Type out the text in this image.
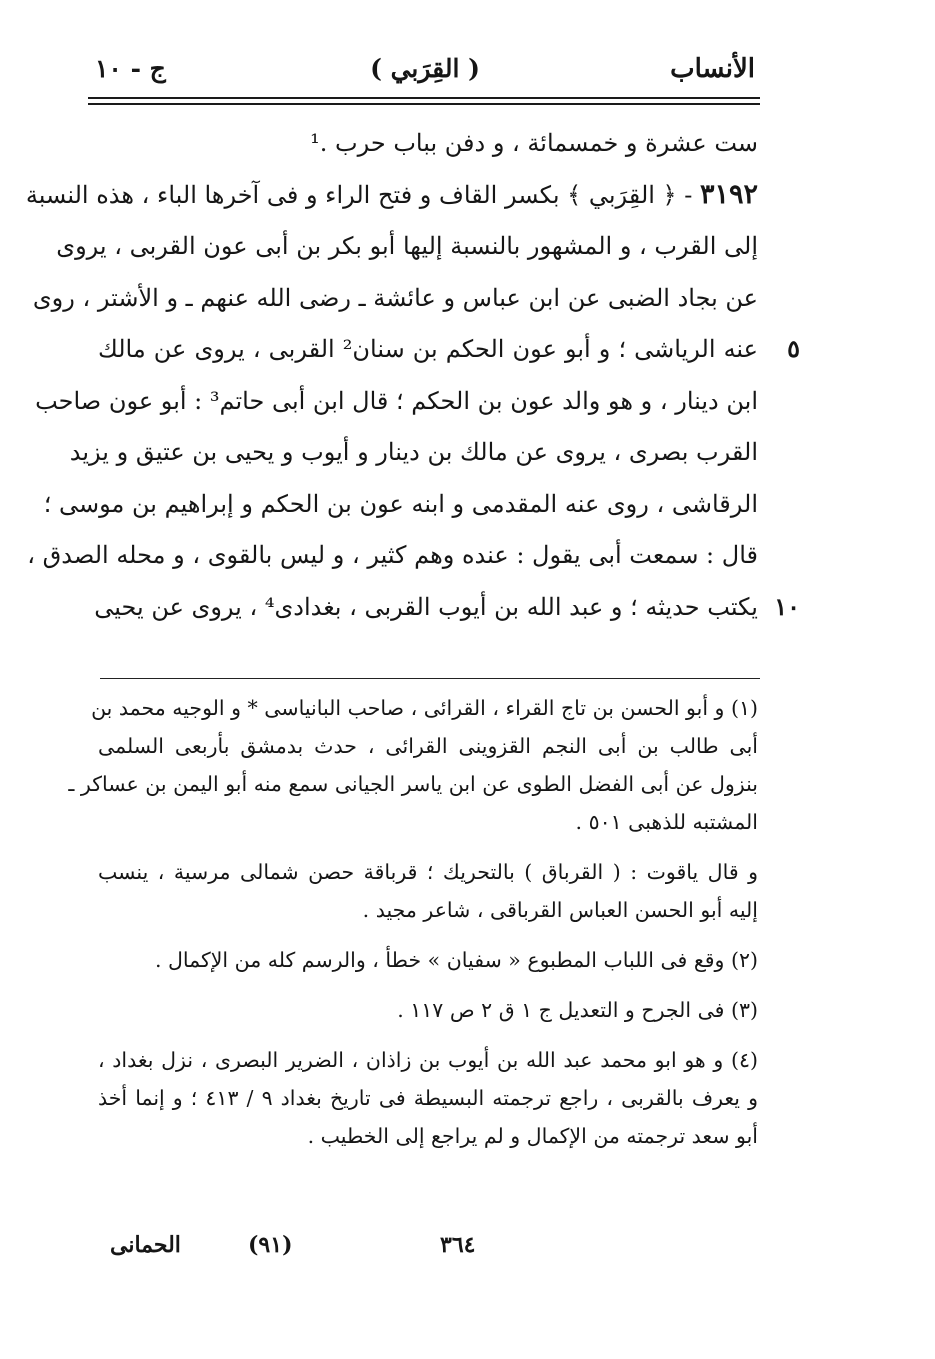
الأنساب
( القِرَبي )
ج - ١٠
ست عشرة و خمسمائة ، و دفن بباب حرب .¹
٣١٩٢ - ﴿ القِرَبي ﴾ بكسر القاف و فتح الراء و فى آخرها الباء ، هذه النسبة
إلى القرب ، و المشهور بالنسبة إليها أبو بكر بن أبى عون القربى ، يروى
عن بجاد الضبى عن ابن عباس و عائشة ـ رضى الله عنهم ـ و الأشتر ، روى
٥
عنه الرياشى ؛ و أبو عون الحكم بن سنان² القربى ، يروى عن مالك
ابن دينار ، و هو والد عون بن الحكم ؛ قال ابن أبى حاتم³ : أبو عون صاحب
القرب بصرى ، يروى عن مالك بن دينار و أيوب و يحيى بن عتيق و يزيد
الرقاشى ، روى عنه المقدمى و ابنه عون بن الحكم و إبراهيم بن موسى ؛
قال : سمعت أبى يقول : عنده وهم كثير ، و ليس بالقوى ، و محله الصدق ،
١٠
يكتب حديثه ؛ و عبد الله بن أيوب القربى ، بغدادى⁴ ، يروى عن يحيى
(١) و أبو الحسن بن تاج القراء ، القرائى ، صاحب البانياسى * و الوجيه محمد بن
أبى طالب بن أبى النجم القزوينى القرائى ، حدث بدمشق بأربعى السلمى
بنزول عن أبى الفضل الطوى عن ابن ياسر الجيانى سمع منه أبو اليمن بن عساكر ـ
المشتبه للذهبى ٥٠١ .
و قال ياقوت : ( القرباق ) بالتحريك ؛ قرباقة حصن شمالى مرسية ، ينسب
إليه أبو الحسن العباس القرباقى ، شاعر مجيد .
(٢) وقع فى اللباب المطبوع « سفيان » خطأ ، والرسم كله من الإكمال .
(٣) فى الجرح و التعديل ج ١ ق ٢ ص ١١٧ .
(٤) و هو ابو محمد عبد الله بن أيوب بن زاذان ، الضرير البصرى ، نزل بغداد ،
و يعرف بالقربى ، راجع ترجمته البسيطة فى تاريخ بغداد ٩ / ٤١٣ ؛ و إنما أخذ
أبو سعد ترجمته من الإكمال و لم يراجع إلى الخطيب .
٣٦٤
(٩١)
الحمانى
